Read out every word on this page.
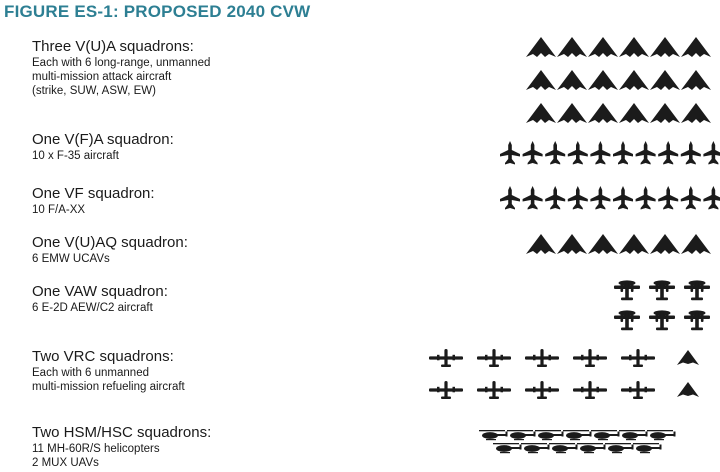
FIGURE ES-1: PROPOSED 2040 CVW
Three V(U)A squadrons:
Each with 6 long-range, unmanned
multi-mission attack aircraft
(strike, SUW, ASW, EW)
One V(F)A squadron:
10 x F-35 aircraft
One VF squadron:
10 F/A-XX
One V(U)AQ squadron:
6 EMW UCAVs
One VAW squadron:
6 E-2D AEW/C2 aircraft
Two VRC squadrons:
Each with 6 unmanned
multi-mission refueling aircraft
Two HSM/HSC squadrons:
11 MH-60R/S helicopters
2 MUX UAVs
